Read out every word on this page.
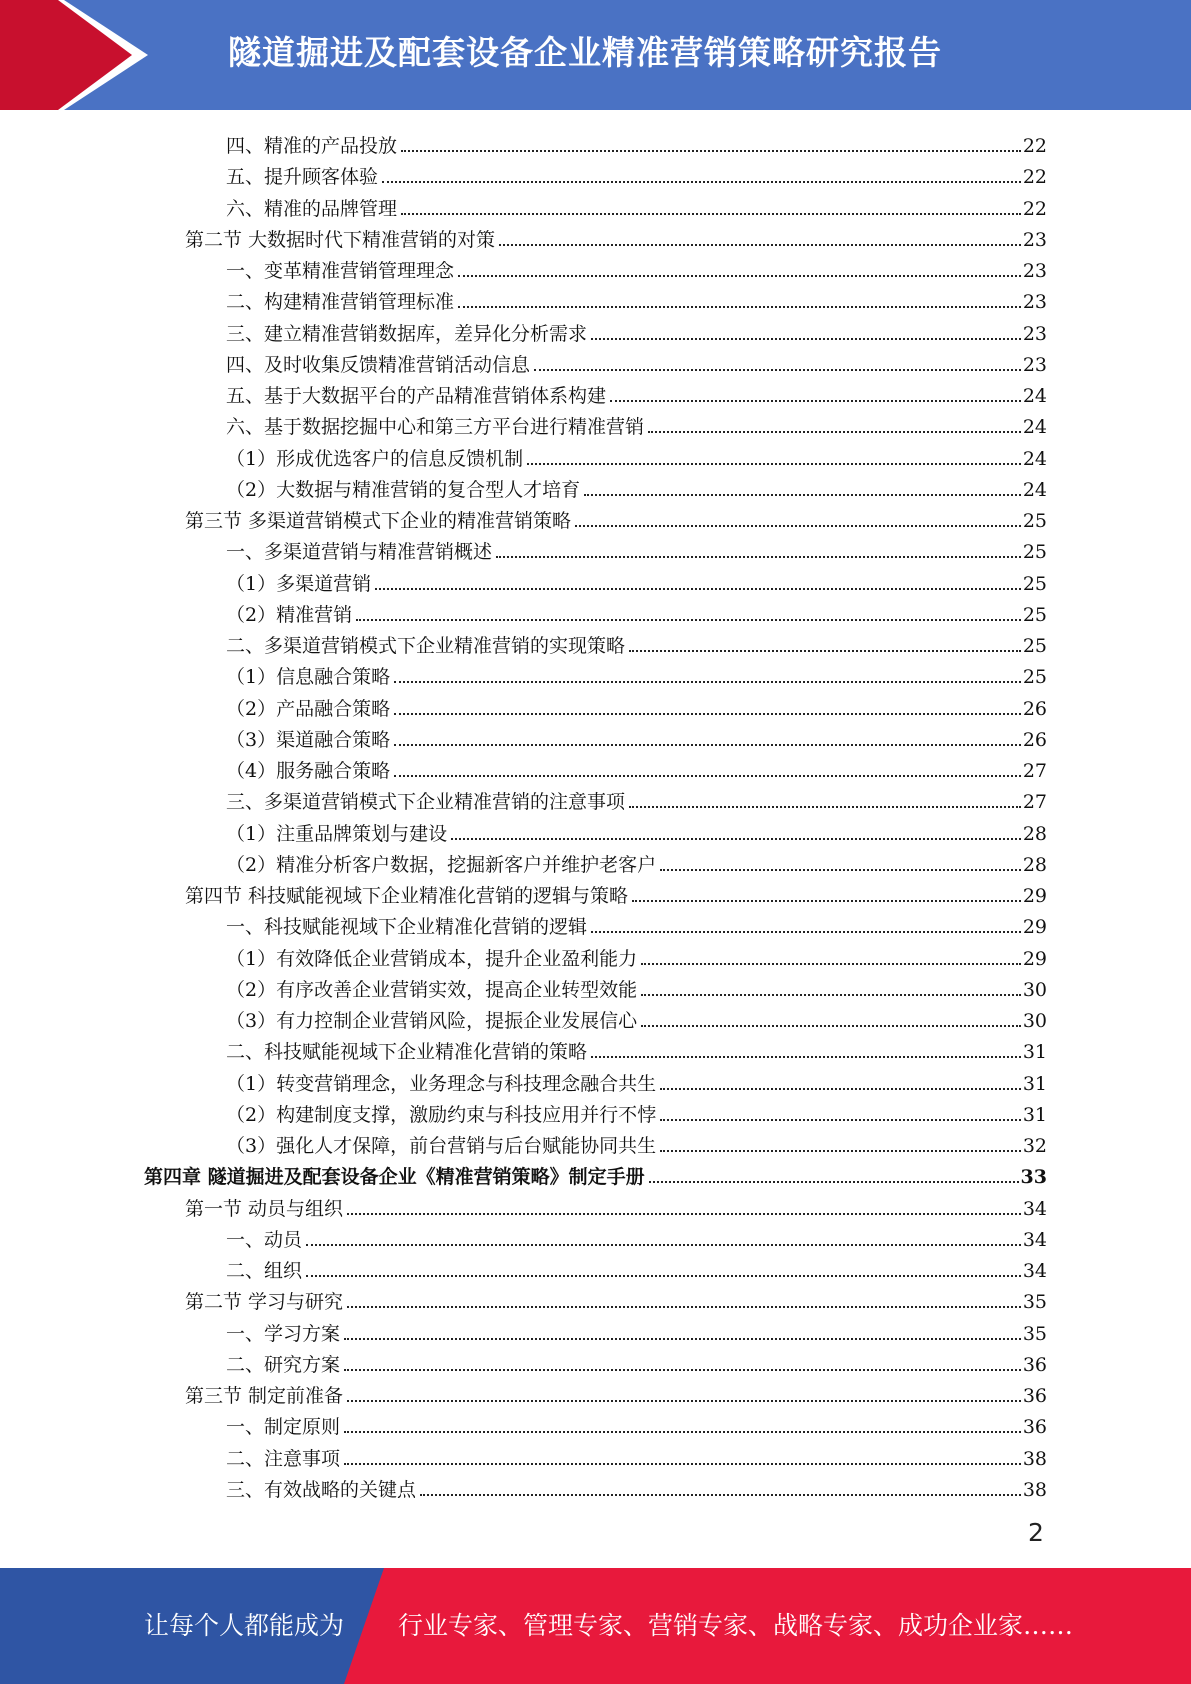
隧道掘进及配套设备企业精准营销策略研究报告
四、精准的产品投放	22
五、提升顾客体验	22
六、精准的品牌管理	22
第二节 大数据时代下精准营销的对策	23
一、变革精准营销管理理念	23
二、构建精准营销管理标准	23
三、建立精准营销数据库，差异化分析需求	23
四、及时收集反馈精准营销活动信息	23
五、基于大数据平台的产品精准营销体系构建	24
六、基于数据挖掘中心和第三方平台进行精准营销	24
（1）形成优选客户的信息反馈机制	24
（2）大数据与精准营销的复合型人才培育	24
第三节 多渠道营销模式下企业的精准营销策略	25
一、多渠道营销与精准营销概述	25
（1）多渠道营销	25
（2）精准营销	25
二、多渠道营销模式下企业精准营销的实现策略	25
（1）信息融合策略	25
（2）产品融合策略	26
（3）渠道融合策略	26
（4）服务融合策略	27
三、多渠道营销模式下企业精准营销的注意事项	27
（1）注重品牌策划与建设	28
（2）精准分析客户数据，挖掘新客户并维护老客户	28
第四节 科技赋能视域下企业精准化营销的逻辑与策略	29
一、科技赋能视域下企业精准化营销的逻辑	29
（1）有效降低企业营销成本，提升企业盈利能力	29
（2）有序改善企业营销实效，提高企业转型效能	30
（3）有力控制企业营销风险，提振企业发展信心	30
二、科技赋能视域下企业精准化营销的策略	31
（1）转变营销理念，业务理念与科技理念融合共生	31
（2）构建制度支撑，激励约束与科技应用并行不悖	31
（3）强化人才保障，前台营销与后台赋能协同共生	32
第四章 隧道掘进及配套设备企业《精准营销策略》制定手册	33
第一节 动员与组织	34
一、动员	34
二、组织	34
第二节 学习与研究	35
一、学习方案	35
二、研究方案	36
第三节 制定前准备	36
一、制定原则	36
二、注意事项	38
三、有效战略的关键点	38
2
让每个人都能成为 行业专家、管理专家、营销专家、战略专家、成功企业家……
